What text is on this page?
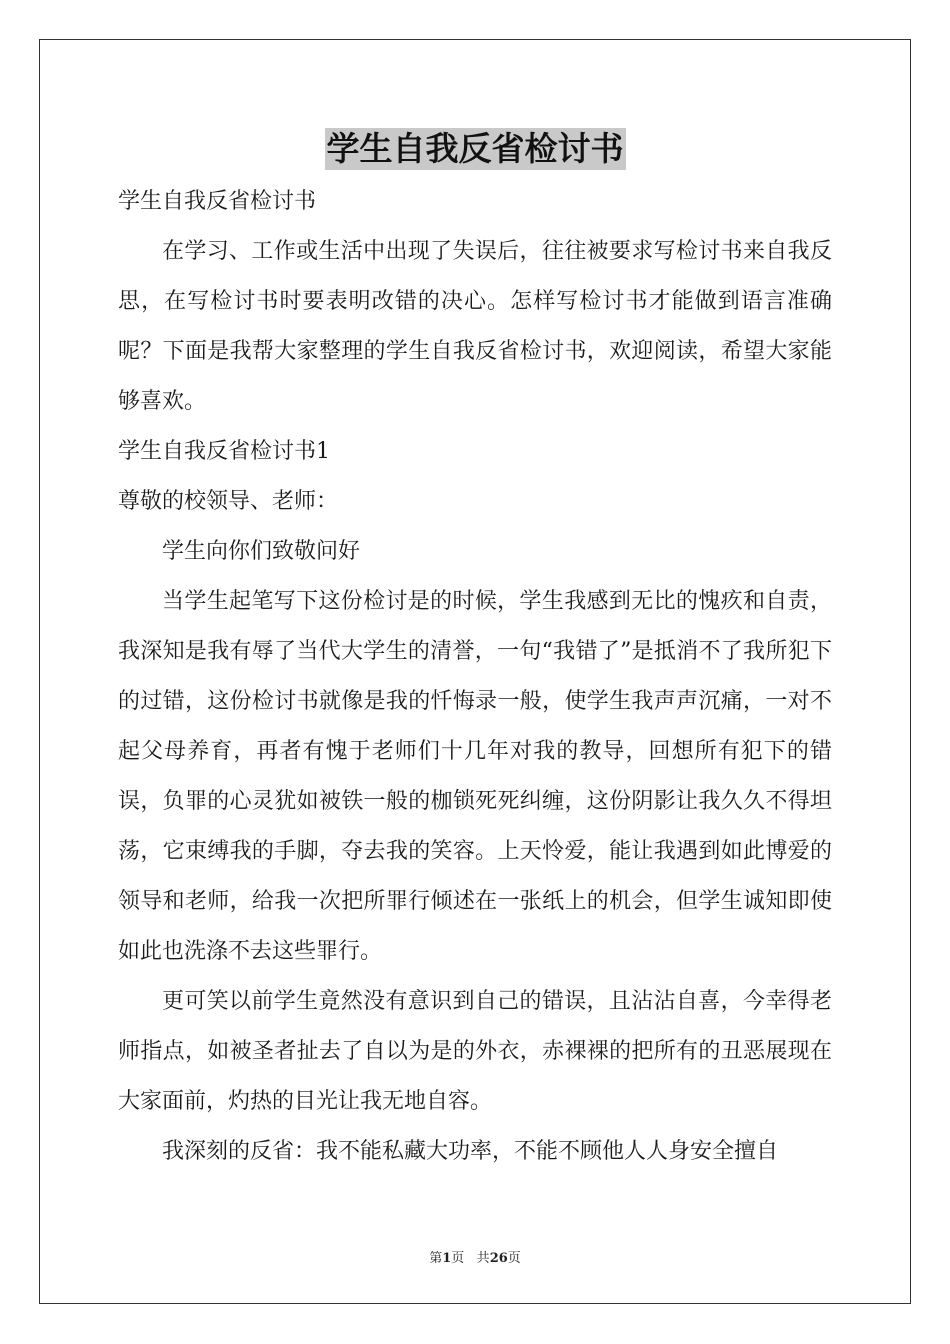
学生自我反省检讨书

学生自我反省检讨书

在学习、工作或生活中出现了失误后，往往被要求写检讨书来自我反思，在写检讨书时要表明改错的决心。怎样写检讨书才能做到语言准确呢？下面是我帮大家整理的学生自我反省检讨书，欢迎阅读，希望大家能够喜欢。

学生自我反省检讨书1

尊敬的校领导、老师：

学生向你们致敬问好

当学生起笔写下这份检讨是的时候，学生我感到无比的愧疚和自责，我深知是我有辱了当代大学生的清誉，一句“我错了”是抵消不了我所犯下的过错，这份检讨书就像是我的忏悔录一般，使学生我声声沉痛，一对不起父母养育，再者有愧于老师们十几年对我的教导，回想所有犯下的错误，负罪的心灵犹如被铁一般的枷锁死死纠缠，这份阴影让我久久不得坦荡，它束缚我的手脚，夺去我的笑容。上天怜爱，能让我遇到如此博爱的领导和老师，给我一次把所罪行倾述在一张纸上的机会，但学生诚知即使如此也洗涤不去这些罪行。

更可笑以前学生竟然没有意识到自己的错误，且沾沾自喜，今幸得老师指点，如被圣者扯去了自以为是的外衣，赤裸裸的把所有的丑恶展现在大家面前，灼热的目光让我无地自容。

我深刻的反省：我不能私藏大功率，不能不顾他人人身安全擅自

第1页 共26页
